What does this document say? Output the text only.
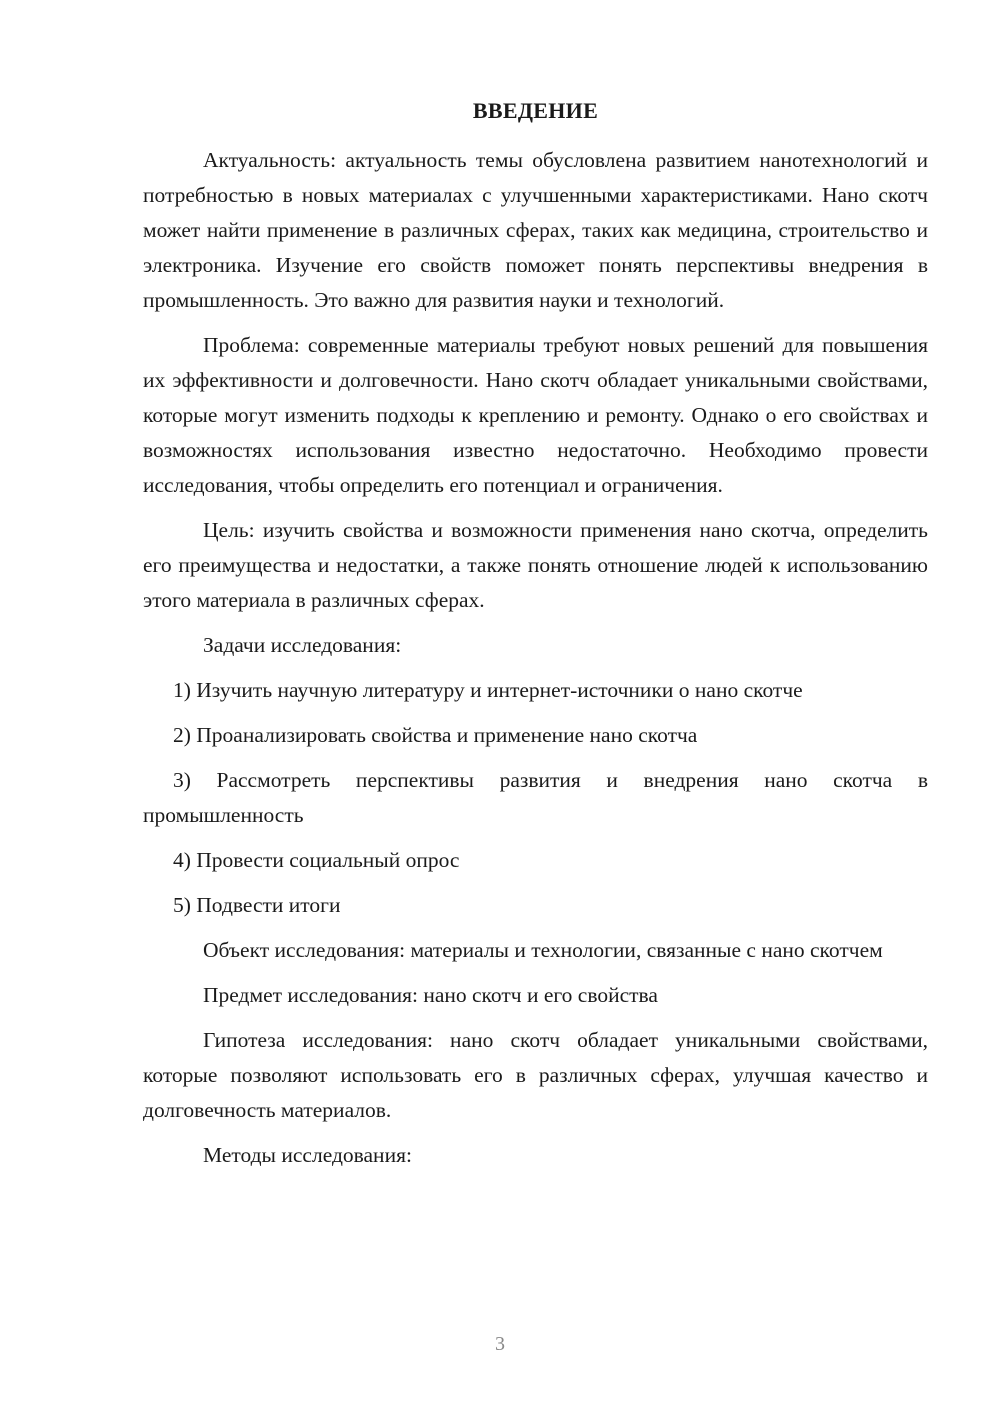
ВВЕДЕНИЕ

Актуальность: актуальность темы обусловлена развитием нанотехнологий и потребностью в новых материалах с улучшенными характеристиками. Нано скотч может найти применение в различных сферах, таких как медицина, строительство и электроника. Изучение его свойств поможет понять перспективы внедрения в промышленность. Это важно для развития науки и технологий.

Проблема: современные материалы требуют новых решений для повышения их эффективности и долговечности. Нано скотч обладает уникальными свойствами, которые могут изменить подходы к креплению и ремонту. Однако о его свойствах и возможностях использования известно недостаточно. Необходимо провести исследования, чтобы определить его потенциал и ограничения.

Цель: изучить свойства и возможности применения нано скотча, определить его преимущества и недостатки, а также понять отношение людей к использованию этого материала в различных сферах.

Задачи исследования:

1) Изучить научную литературу и интернет-источники о нано скотче

2) Проанализировать свойства и применение нано скотча

3) Рассмотреть перспективы развития и внедрения нано скотча в промышленность

4) Провести социальный опрос

5) Подвести итоги

Объект исследования: материалы и технологии, связанные с нано скотчем

Предмет исследования: нано скотч и его свойства

Гипотеза исследования: нано скотч обладает уникальными свойствами, которые позволяют использовать его в различных сферах, улучшая качество и долговечность материалов.

Методы исследования:

3
